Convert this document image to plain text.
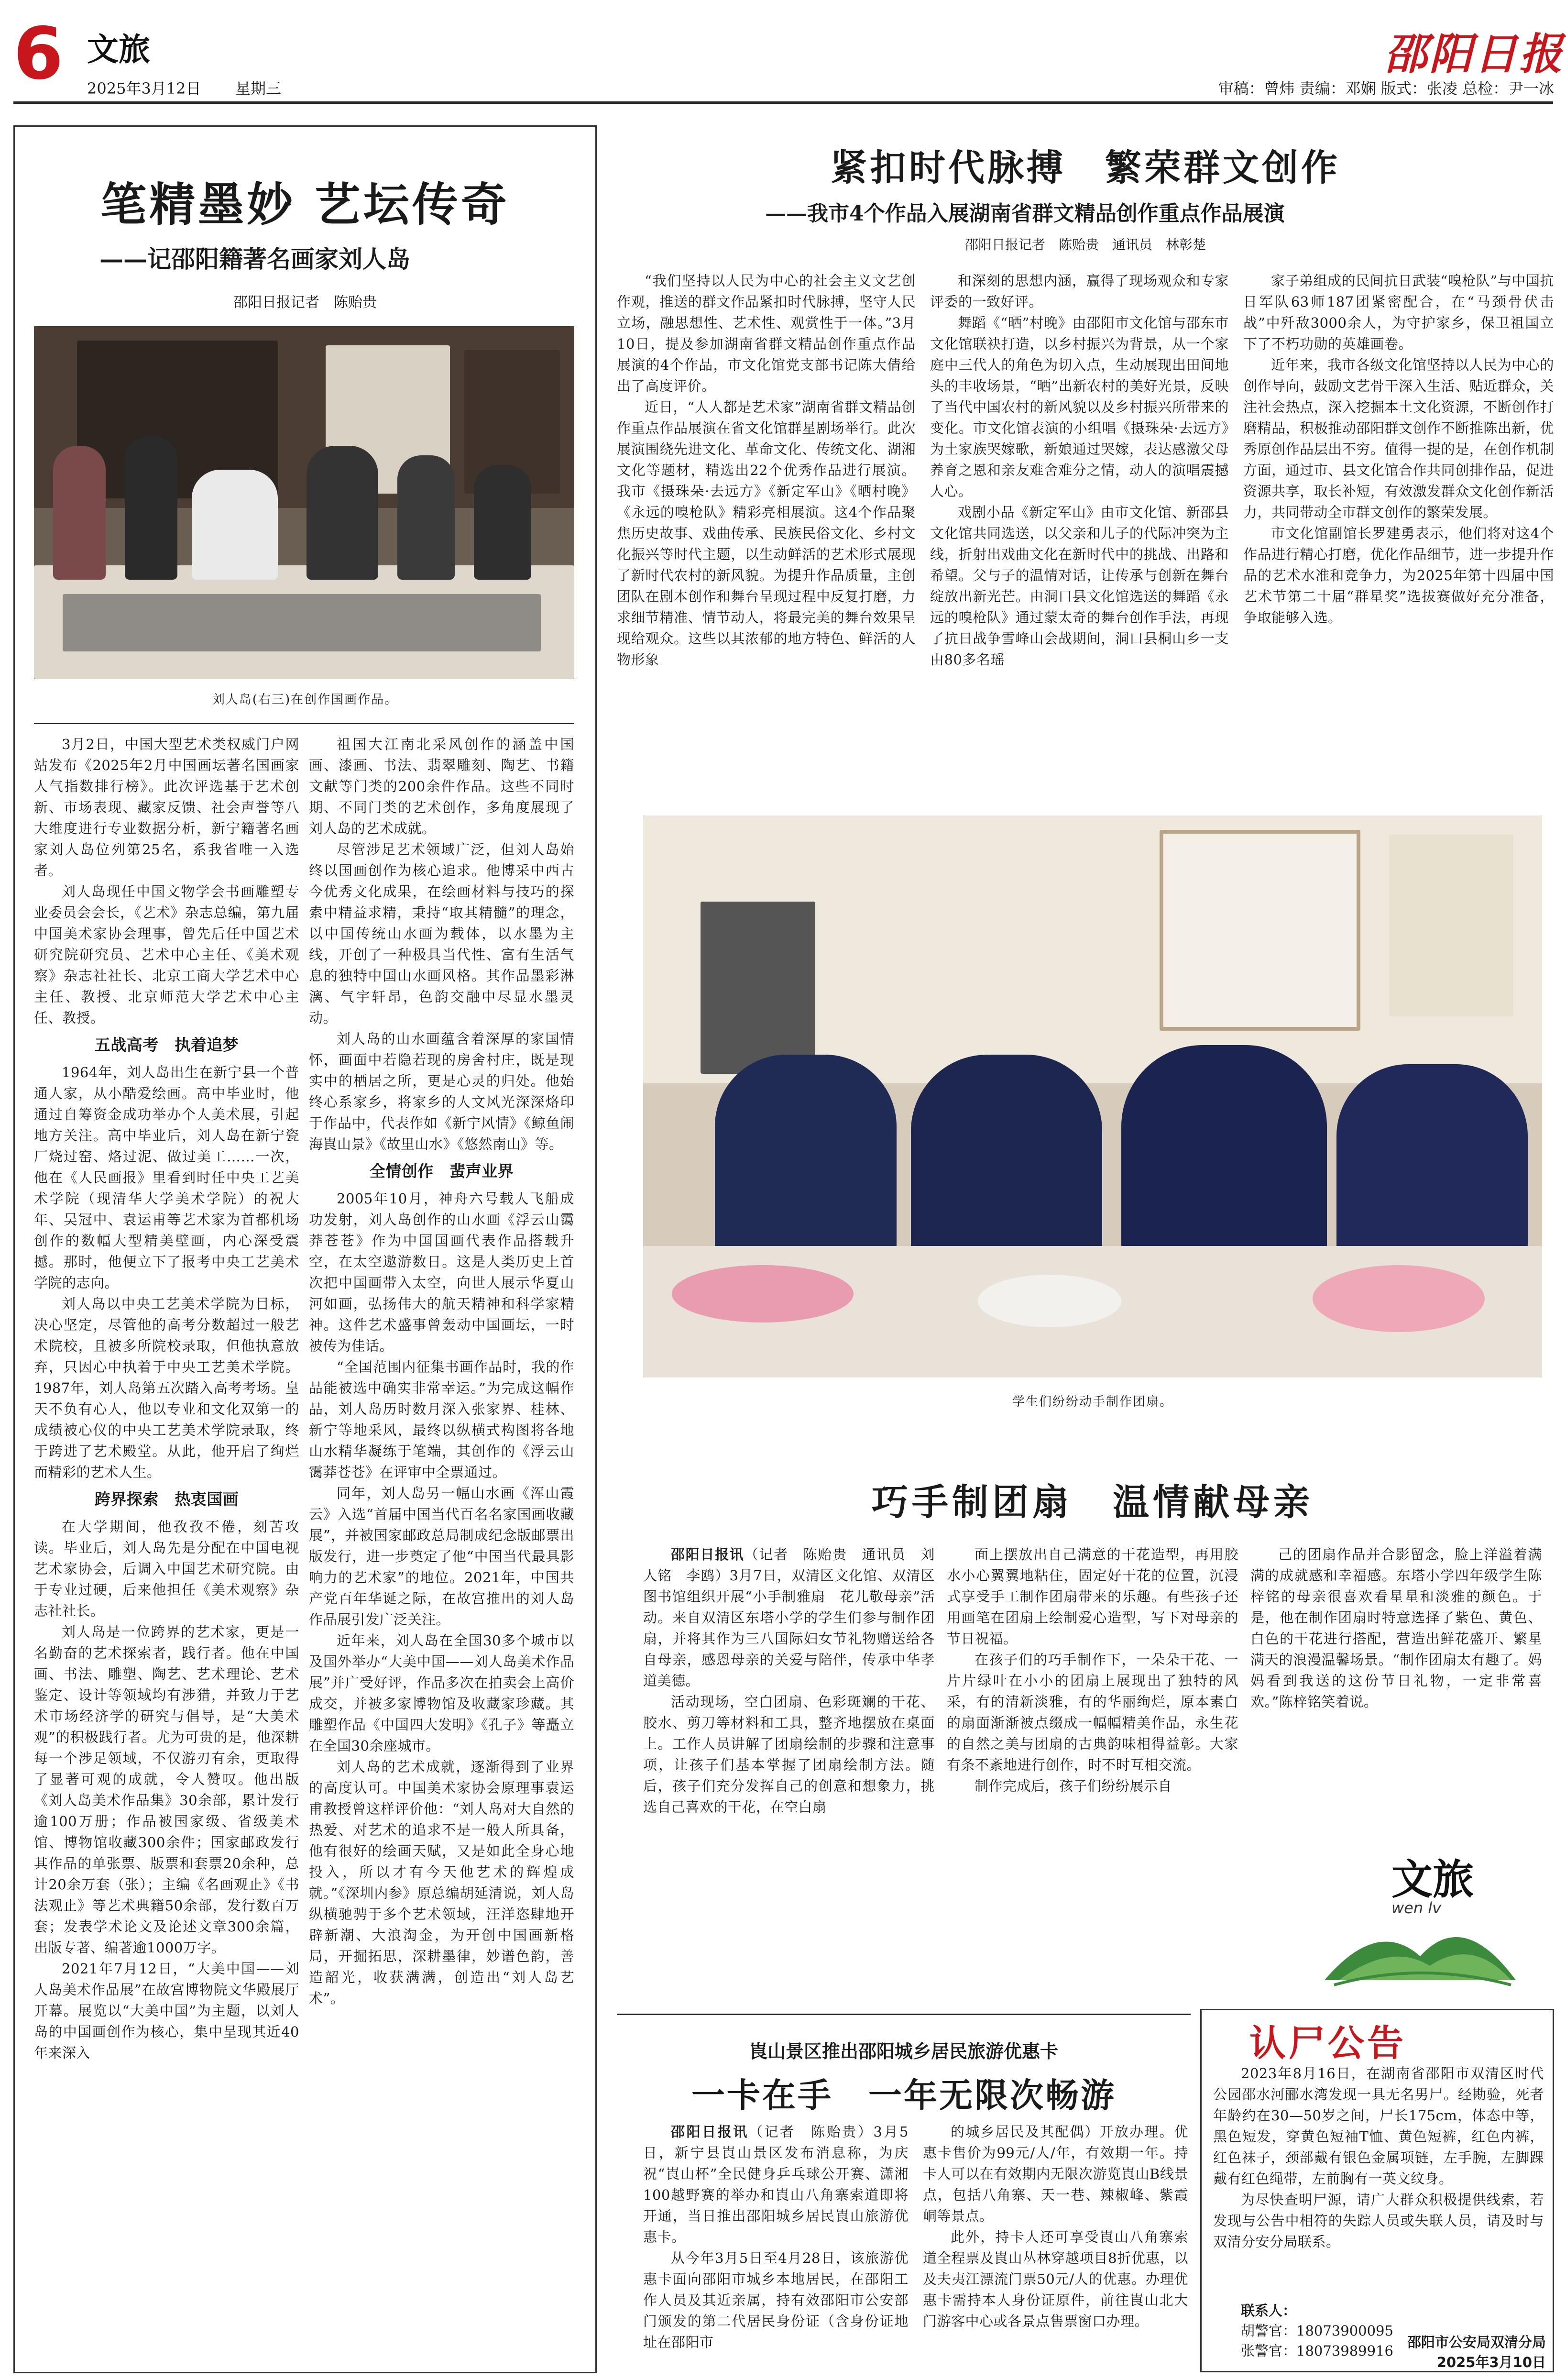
6 文旅
2025年3月12日 星期三
邵阳日报
审稿：曾炜 责编：邓娴 版式：张凌 总检：尹一冰
笔精墨妙 艺坛传奇
——记邵阳籍著名画家刘人岛
邵阳日报记者　陈贻贵
刘人岛(右三)在创作国画作品。

3月2日，中国大型艺术类权威门户网站发布《2025年2月中国画坛著名国画家人气指数排行榜》。此次评选基于艺术创新、市场表现、藏家反馈、社会声誉等八大维度进行专业数据分析，新宁籍著名画家刘人岛位列第25名，系我省唯一入选者。

刘人岛现任中国文物学会书画雕塑专业委员会会长，《艺术》杂志总编，第九届中国美术家协会理事，曾先后任中国艺术研究院研究员、艺术中心主任、《美术观察》杂志社社长、北京工商大学艺术中心主任、教授、北京师范大学艺术中心主任、教授。

五战高考　执着追梦

1964年，刘人岛出生在新宁县一个普通人家，从小酷爱绘画。高中毕业时，他通过自筹资金成功举办个人美术展，引起地方关注。高中毕业后，刘人岛在新宁瓷厂烧过窑、烙过泥、做过美工……一次，他在《人民画报》里看到时任中央工艺美术学院（现清华大学美术学院）的祝大年、吴冠中、袁运甫等艺术家为首都机场创作的数幅大型精美壁画，内心深受震撼。那时，他便立下了报考中央工艺美术学院的志向。

刘人岛以中央工艺美术学院为目标，决心坚定，尽管他的高考分数超过一般艺术院校，且被多所院校录取，但他执意放弃，只因心中执着于中央工艺美术学院。1987年，刘人岛第五次踏入高考考场。皇天不负有心人，他以专业和文化双第一的成绩被心仪的中央工艺美术学院录取，终于跨进了艺术殿堂。从此，他开启了绚烂而精彩的艺术人生。

跨界探索　热衷国画

在大学期间，他孜孜不倦，刻苦攻读。毕业后，刘人岛先是分配在中国电视艺术家协会，后调入中国艺术研究院。由于专业过硬，后来他担任《美术观察》杂志社社长。

刘人岛是一位跨界的艺术家，更是一名勤奋的艺术探索者，践行者。他在中国画、书法、雕塑、陶艺、艺术理论、艺术鉴定、设计等领域均有涉猎，并致力于艺术市场经济学的研究与倡导，是“大美术观”的积极践行者。尤为可贵的是，他深耕每一个涉足领域，不仅游刃有余，更取得了显著可观的成就，令人赞叹。他出版《刘人岛美术作品集》30余部，累计发行逾100万册；作品被国家级、省级美术馆、博物馆收藏300余件；国家邮政发行其作品的单张票、版票和套票20余种，总计20余万套（张）；主编《名画观止》《书法观止》等艺术典籍50余部，发行数百万套；发表学术论文及论述文章300余篇，出版专著、编著逾1000万字。

2021年7月12日，“大美中国——刘人岛美术作品展”在故宫博物院文华殿展厅开幕。展览以“大美中国”为主题，以刘人岛的中国画创作为核心，集中呈现其近40年来深入

祖国大江南北采风创作的涵盖中国画、漆画、书法、翡翠雕刻、陶艺、书籍文献等门类的200余件作品。这些不同时期、不同门类的艺术创作，多角度展现了刘人岛的艺术成就。

尽管涉足艺术领域广泛，但刘人岛始终以国画创作为核心追求。他博采中西古今优秀文化成果，在绘画材料与技巧的探索中精益求精，秉持“取其精髓”的理念，以中国传统山水画为载体，以水墨为主线，开创了一种极具当代性、富有生活气息的独特中国山水画风格。其作品墨彩淋漓、气宇轩昂，色韵交融中尽显水墨灵动。

刘人岛的山水画蕴含着深厚的家国情怀，画面中若隐若现的房舍村庄，既是现实中的栖居之所，更是心灵的归处。他始终心系家乡，将家乡的人文风光深深烙印于作品中，代表作如《新宁风情》《鲸鱼闹海崀山景》《故里山水》《悠然南山》等。

全情创作　蜚声业界

2005年10月，神舟六号载人飞船成功发射，刘人岛创作的山水画《浮云山霭莽苍苍》作为中国国画代表作品搭载升空，在太空遨游数日。这是人类历史上首次把中国画带入太空，向世人展示华夏山河如画，弘扬伟大的航天精神和科学家精神。这件艺术盛事曾轰动中国画坛，一时被传为佳话。

“全国范围内征集书画作品时，我的作品能被选中确实非常幸运。”为完成这幅作品，刘人岛历时数月深入张家界、桂林、新宁等地采风，最终以纵横式构图将各地山水精华凝练于笔端，其创作的《浮云山霭莽苍苍》在评审中全票通过。

同年，刘人岛另一幅山水画《浑山霞云》入选“首届中国当代百名名家国画收藏展”，并被国家邮政总局制成纪念版邮票出版发行，进一步奠定了他“中国当代最具影响力的艺术家”的地位。2021年，中国共产党百年华诞之际，在故宫推出的刘人岛作品展引发广泛关注。

近年来，刘人岛在全国30多个城市以及国外举办“大美中国——刘人岛美术作品展”并广受好评，作品多次在拍卖会上高价成交，并被多家博物馆及收藏家珍藏。其雕塑作品《中国四大发明》《孔子》等矗立在全国30余座城市。

刘人岛的艺术成就，逐渐得到了业界的高度认可。中国美术家协会原理事袁运甫教授曾这样评价他：“刘人岛对大自然的热爱、对艺术的追求不是一般人所具备，他有很好的绘画天赋，又是如此全身心地投入，所以才有今天他艺术的辉煌成就。”《深圳内参》原总编胡延清说，刘人岛纵横驰骋于多个艺术领域，汪洋恣肆地开辟新潮、大浪淘金，为开创中国画新格局，开掘拓思，深耕墨律，妙谱色韵，善造韶光，收获满满，创造出“刘人岛艺术”。

紧扣时代脉搏　繁荣群文创作
——我市4个作品入展湖南省群文精品创作重点作品展演
邵阳日报记者　陈贻贵　通讯员　林彰楚

“我们坚持以人民为中心的社会主义文艺创作观，推送的群文作品紧扣时代脉搏，坚守人民立场，融思想性、艺术性、观赏性于一体。”3月10日，提及参加湖南省群文精品创作重点作品展演的4个作品，市文化馆党支部书记陈大倩给出了高度评价。

近日，“人人都是艺术家”湖南省群文精品创作重点作品展演在省文化馆群星剧场举行。此次展演围绕先进文化、革命文化、传统文化、湖湘文化等题材，精选出22个优秀作品进行展演。我市《摄珠朵·去远方》《新定军山》《晒村晚》《永远的嗅枪队》精彩亮相展演。这4个作品聚焦历史故事、戏曲传承、民族民俗文化、乡村文化振兴等时代主题，以生动鲜活的艺术形式展现了新时代农村的新风貌。为提升作品质量，主创团队在剧本创作和舞台呈现过程中反复打磨，力求细节精准、情节动人，将最完美的舞台效果呈现给观众。这些以其浓郁的地方特色、鲜活的人物形象

和深刻的思想内涵，赢得了现场观众和专家评委的一致好评。

舞蹈《“晒”村晚》由邵阳市文化馆与邵东市文化馆联袂打造，以乡村振兴为背景，从一个家庭中三代人的角色为切入点，生动展现出田间地头的丰收场景，“晒”出新农村的美好光景，反映了当代中国农村的新风貌以及乡村振兴所带来的变化。市文化馆表演的小组唱《摄珠朵·去远方》为土家族哭嫁歌，新娘通过哭嫁，表达感激父母养育之恩和亲友难舍难分之情，动人的演唱震撼人心。

戏剧小品《新定军山》由市文化馆、新邵县文化馆共同选送，以父亲和儿子的代际冲突为主线，折射出戏曲文化在新时代中的挑战、出路和希望。父与子的温情对话，让传承与创新在舞台绽放出新光芒。由洞口县文化馆选送的舞蹈《永远的嗅枪队》通过蒙太奇的舞台创作手法，再现了抗日战争雪峰山会战期间，洞口县桐山乡一支由80多名瑶

家子弟组成的民间抗日武装“嗅枪队”与中国抗日军队63师187团紧密配合，在“马颈骨伏击战”中歼敌3000余人，为守护家乡，保卫祖国立下了不朽功勋的英雄画卷。

近年来，我市各级文化馆坚持以人民为中心的创作导向，鼓励文艺骨干深入生活、贴近群众，关注社会热点，深入挖掘本土文化资源，不断创作打磨精品，积极推动邵阳群文创作不断推陈出新，优秀原创作品层出不穷。值得一提的是，在创作机制方面，通过市、县文化馆合作共同创排作品，促进资源共享，取长补短，有效激发群众文化创作新活力，共同带动全市群文创作的繁荣发展。

市文化馆副馆长罗建勇表示，他们将对这4个作品进行精心打磨，优化作品细节，进一步提升作品的艺术水准和竞争力，为2025年第十四届中国艺术节第二十届“群星奖”选拔赛做好充分准备，争取能够入选。

学生们纷纷动手制作团扇。
巧手制团扇　温情献母亲

邵阳日报讯（记者　陈贻贵　通讯员　刘人铭　李鸥）3月7日，双清区文化馆、双清区图书馆组织开展“小手制雅扇　花儿敬母亲”活动。来自双清区东塔小学的学生们参与制作团扇，并将其作为三八国际妇女节礼物赠送给各自母亲，感恩母亲的关爱与陪伴，传承中华孝道美德。

活动现场，空白团扇、色彩斑斓的干花、胶水、剪刀等材料和工具，整齐地摆放在桌面上。工作人员讲解了团扇绘制的步骤和注意事项，让孩子们基本掌握了团扇绘制方法。随后，孩子们充分发挥自己的创意和想象力，挑选自己喜欢的干花，在空白扇

面上摆放出自己满意的干花造型，再用胶水小心翼翼地粘住，固定好干花的位置，沉浸式享受手工制作团扇带来的乐趣。有些孩子还用画笔在团扇上绘制爱心造型，写下对母亲的节日祝福。

在孩子们的巧手制作下，一朵朵干花、一片片绿叶在小小的团扇上展现出了独特的风采，有的清新淡雅，有的华丽绚烂，原本素白的扇面渐渐被点缀成一幅幅精美作品，永生花的自然之美与团扇的古典韵味相得益彰。大家有条不紊地进行创作，时不时互相交流。

制作完成后，孩子们纷纷展示自

己的团扇作品并合影留念，脸上洋溢着满满的成就感和幸福感。东塔小学四年级学生陈梓铭的母亲很喜欢看星星和淡雅的颜色。于是，他在制作团扇时特意选择了紫色、黄色、白色的干花进行搭配，营造出鲜花盛开、繁星满天的浪漫温馨场景。“制作团扇太有趣了。妈妈看到我送的这份节日礼物，一定非常喜欢。”陈梓铭笑着说。

文旅
wen lv
崀山景区推出邵阳城乡居民旅游优惠卡
一卡在手　一年无限次畅游

邵阳日报讯（记者　陈贻贵）3月5日，新宁县崀山景区发布消息称，为庆祝“崀山杯”全民健身乒乓球公开赛、潇湘100越野赛的举办和崀山八角寨索道即将开通，当日推出邵阳城乡居民崀山旅游优惠卡。

从今年3月5日至4月28日，该旅游优惠卡面向邵阳市城乡本地居民，在邵阳工作人员及其近亲属，持有效邵阳市公安部门颁发的第二代居民身份证（含身份证地址在邵阳市

的城乡居民及其配偶）开放办理。优惠卡售价为99元/人/年，有效期一年。持卡人可以在有效期内无限次游览崀山B线景点，包括八角寨、天一巷、辣椒峰、紫霞峒等景点。

此外，持卡人还可享受崀山八角寨索道全程票及崀山丛林穿越项目8折优惠，以及夫夷江漂流门票50元/人的优惠。办理优惠卡需持本人身份证原件，前往崀山北大门游客中心或各景点售票窗口办理。

认尸公告

2023年8月16日，在湖南省邵阳市双清区时代公园邵水河郦水湾发现一具无名男尸。经勘验，死者年龄约在30—50岁之间，尸长175cm，体态中等，黑色短发，穿黄色短袖T恤、黄色短裤，红色内裤，红色袜子，颈部戴有银色金属项链，左手腕，左脚踝戴有红色绳带，左前胸有一英文纹身。

为尽快查明尸源，请广大群众积极提供线索，若发现与公告中相符的失踪人员或失联人员，请及时与双清分安分局联系。

联系人：
胡警官：18073900095
张警官：18073989916
邵阳市公安局双清分局
2025年3月10日
